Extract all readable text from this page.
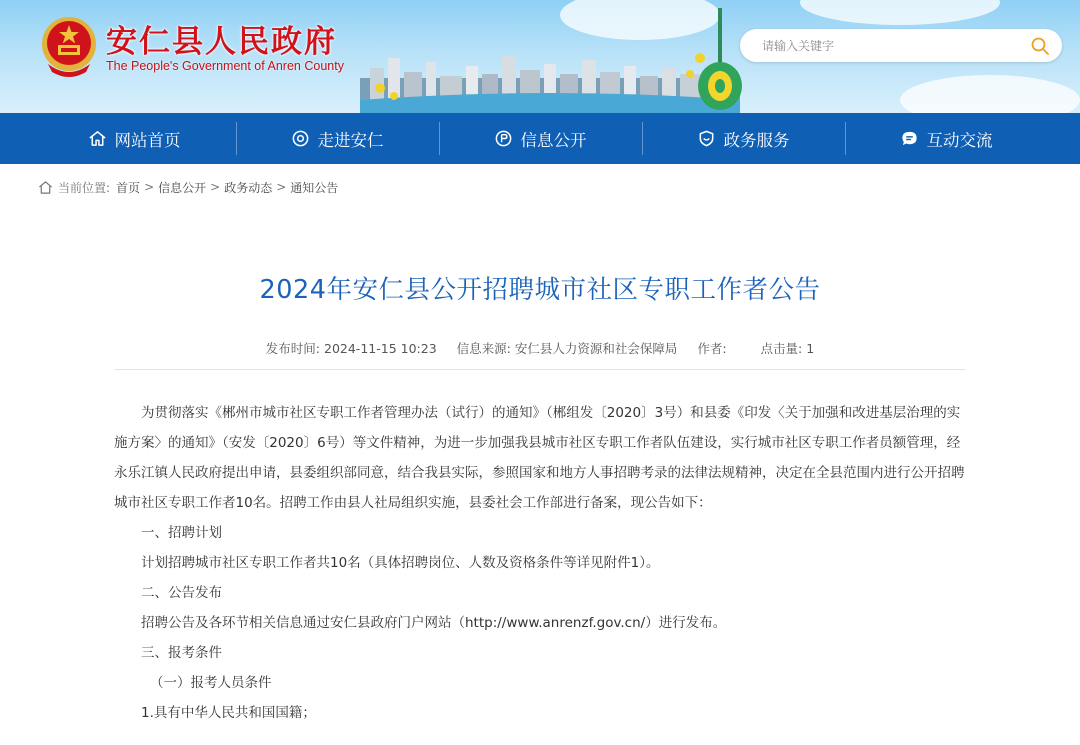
安仁县人民政府
The People's Government of Anren County
请输入关键字
网站首页	走进安仁	信息公开	政务服务	互动交流
当前位置: 首页 > 信息公开 > 政务动态 > 通知公告
2024年安仁县公开招聘城市社区专职工作者公告
发布时间: 2024-11-15 10:23 信息来源: 安仁县人力资源和社会保障局 作者:	点击量: 1

为贯彻落实《郴州市城市社区专职工作者管理办法（试行）的通知》（郴组发〔2020〕3号）和县委《印发〈关于加强和改进基层治理的实施方案〉的通知》（安发〔2020〕6号）等文件精神，为进一步加强我县城市社区专职工作者队伍建设，实行城市社区专职工作者员额管理，经永乐江镇人民政府提出申请，县委组织部同意，结合我县实际，参照国家和地方人事招聘考录的法律法规精神，决定在全县范围内进行公开招聘城市社区专职工作者10名。招聘工作由县人社局组织实施，县委社会工作部进行备案，现公告如下：

一、招聘计划
计划招聘城市社区专职工作者共10名（具体招聘岗位、人数及资格条件等详见附件1）。
二、公告发布
招聘公告及各环节相关信息通过安仁县政府门户网站（http://www.anrenzf.gov.cn/）进行发布。
三、报考条件
（一）报考人员条件
1.具有中华人民共和国国籍；
